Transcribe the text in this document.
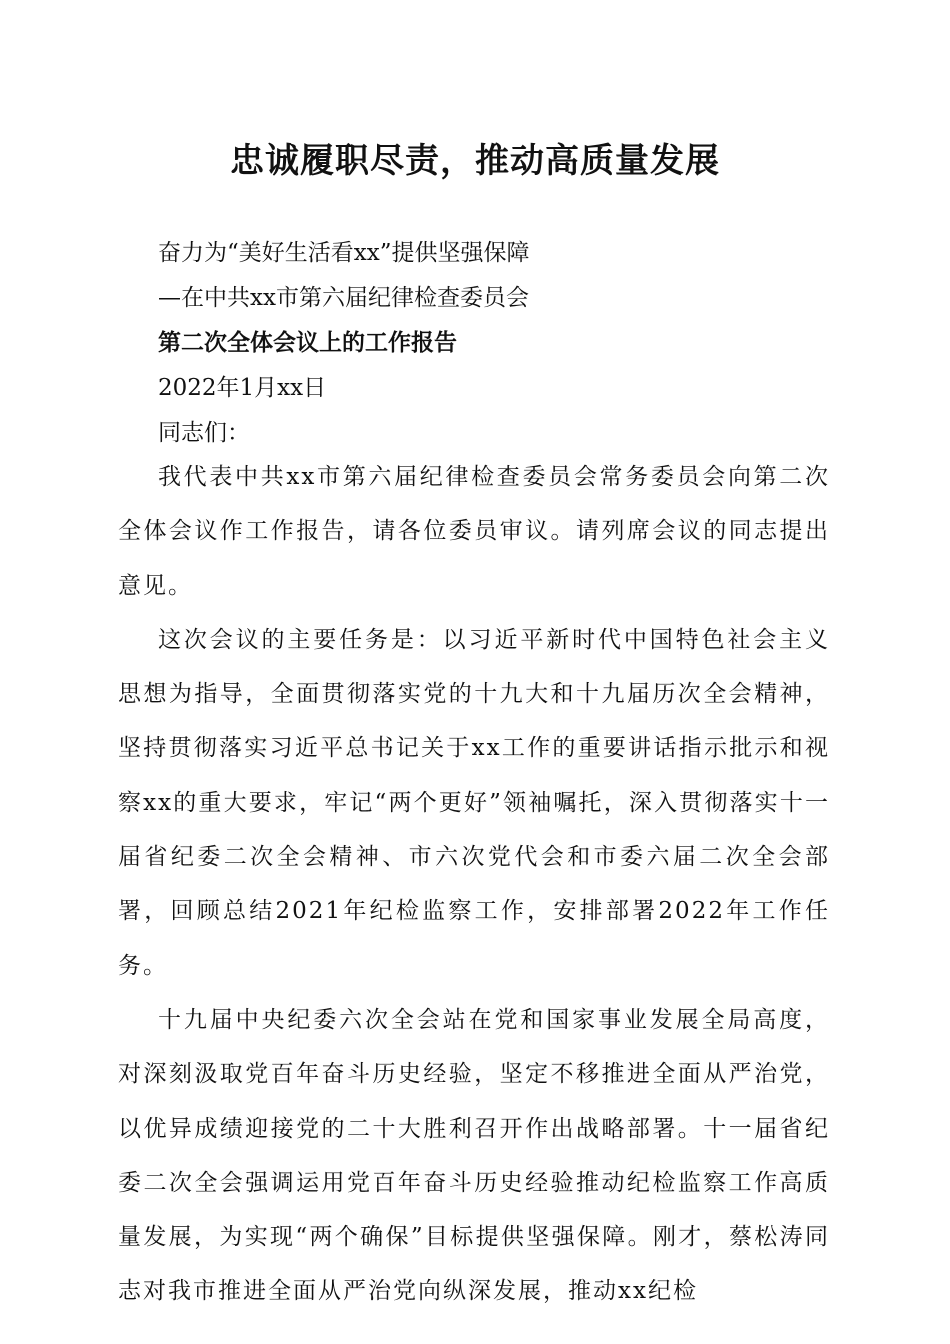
忠诚履职尽责，推动高质量发展

奋力为“美好生活看xx”提供坚强保障

—在中共xx市第六届纪律检查委员会

第二次全体会议上的工作报告

2022年1月xx日

同志们：

我代表中共xx市第六届纪律检查委员会常务委员会向第二次全体会议作工作报告，请各位委员审议。请列席会议的同志提出意见。

这次会议的主要任务是：以习近平新时代中国特色社会主义思想为指导，全面贯彻落实党的十九大和十九届历次全会精神，坚持贯彻落实习近平总书记关于xx工作的重要讲话指示批示和视察xx的重大要求，牢记“两个更好”领袖嘱托，深入贯彻落实十一届省纪委二次全会精神、市六次党代会和市委六届二次全会部署，回顾总结2021年纪检监察工作，安排部署2022年工作任务。

十九届中央纪委六次全会站在党和国家事业发展全局高度，对深刻汲取党百年奋斗历史经验，坚定不移推进全面从严治党，以优异成绩迎接党的二十大胜利召开作出战略部署。十一届省纪委二次全会强调运用党百年奋斗历史经验推动纪检监察工作高质量发展，为实现“两个确保”目标提供坚强保障。刚才，蔡松涛同志对我市推进全面从严治党向纵深发展，推动xx纪检
